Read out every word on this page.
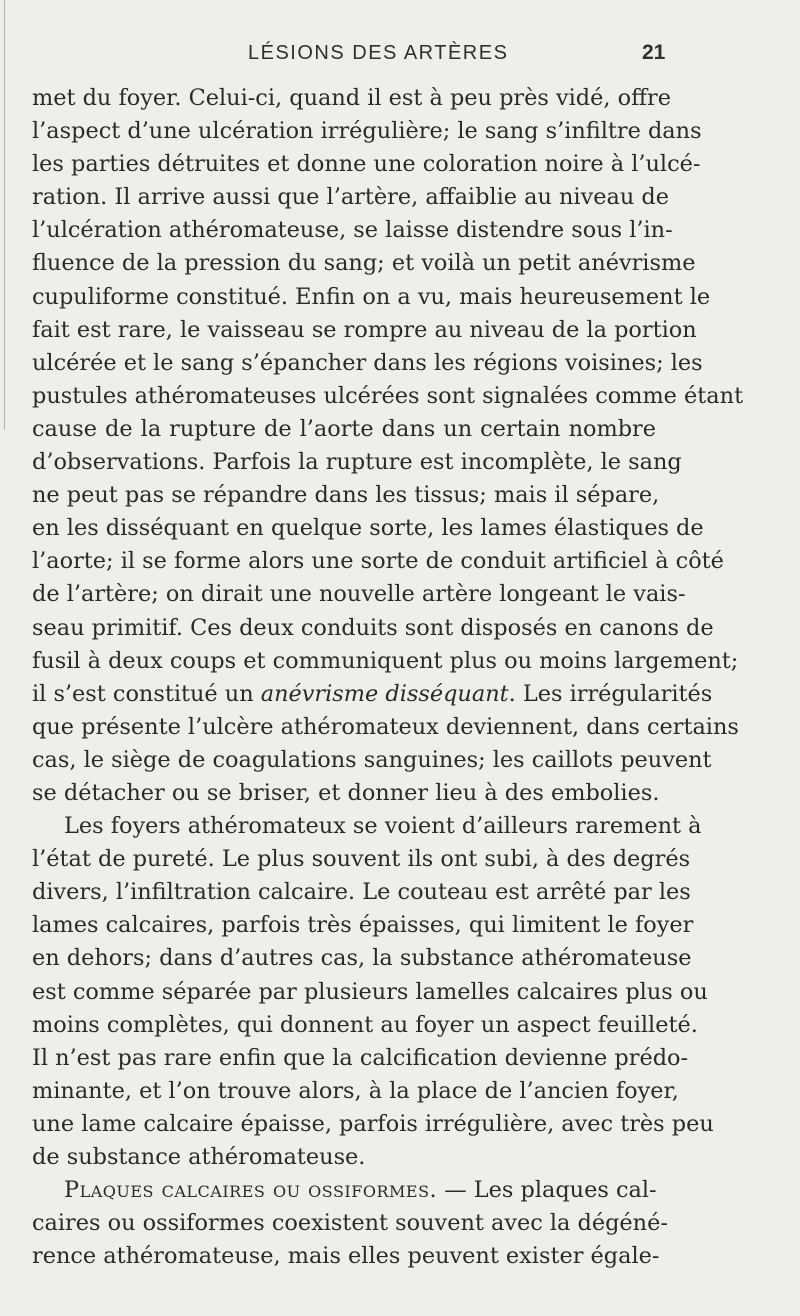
LÉSIONS DES ARTÈRES	21
met du foyer. Celui-ci, quand il est à peu près vidé, offre
l’aspect d’une ulcération irrégulière; le sang s’infiltre dans
les parties détruites et donne une coloration noire à l’ulcé-
ration. Il arrive aussi que l’artère, affaiblie au niveau de
l’ulcération athéromateuse, se laisse distendre sous l’in-
fluence de la pression du sang; et voilà un petit anévrisme
cupuliforme constitué. Enfin on a vu, mais heureusement le
fait est rare, le vaisseau se rompre au niveau de la portion
ulcérée et le sang s’épancher dans les régions voisines; les
pustules athéromateuses ulcérées sont signalées comme étant
cause de la rupture de l’aorte dans un certain nombre
d’observations. Parfois la rupture est incomplète, le sang
ne peut pas se répandre dans les tissus; mais il sépare,
en les disséquant en quelque sorte, les lames élastiques de
l’aorte; il se forme alors une sorte de conduit artificiel à côté
de l’artère; on dirait une nouvelle artère longeant le vais-
seau primitif. Ces deux conduits sont disposés en canons de
fusil à deux coups et communiquent plus ou moins largement;
il s’est constitué un anévrisme disséquant. Les irrégularités
que présente l’ulcère athéromateux deviennent, dans certains
cas, le siège de coagulations sanguines; les caillots peuvent
se détacher ou se briser, et donner lieu à des embolies.
Les foyers athéromateux se voient d’ailleurs rarement à
l’état de pureté. Le plus souvent ils ont subi, à des degrés
divers, l’infiltration calcaire. Le couteau est arrêté par les
lames calcaires, parfois très épaisses, qui limitent le foyer
en dehors; dans d’autres cas, la substance athéromateuse
est comme séparée par plusieurs lamelles calcaires plus ou
moins complètes, qui donnent au foyer un aspect feuilleté.
Il n’est pas rare enfin que la calcification devienne prédo-
minante, et l’on trouve alors, à la place de l’ancien foyer,
une lame calcaire épaisse, parfois irrégulière, avec très peu
de substance athéromateuse.
Plaques calcaires ou ossiformes. — Les plaques cal-
caires ou ossiformes coexistent souvent avec la dégéné-
rence athéromateuse, mais elles peuvent exister égale-
